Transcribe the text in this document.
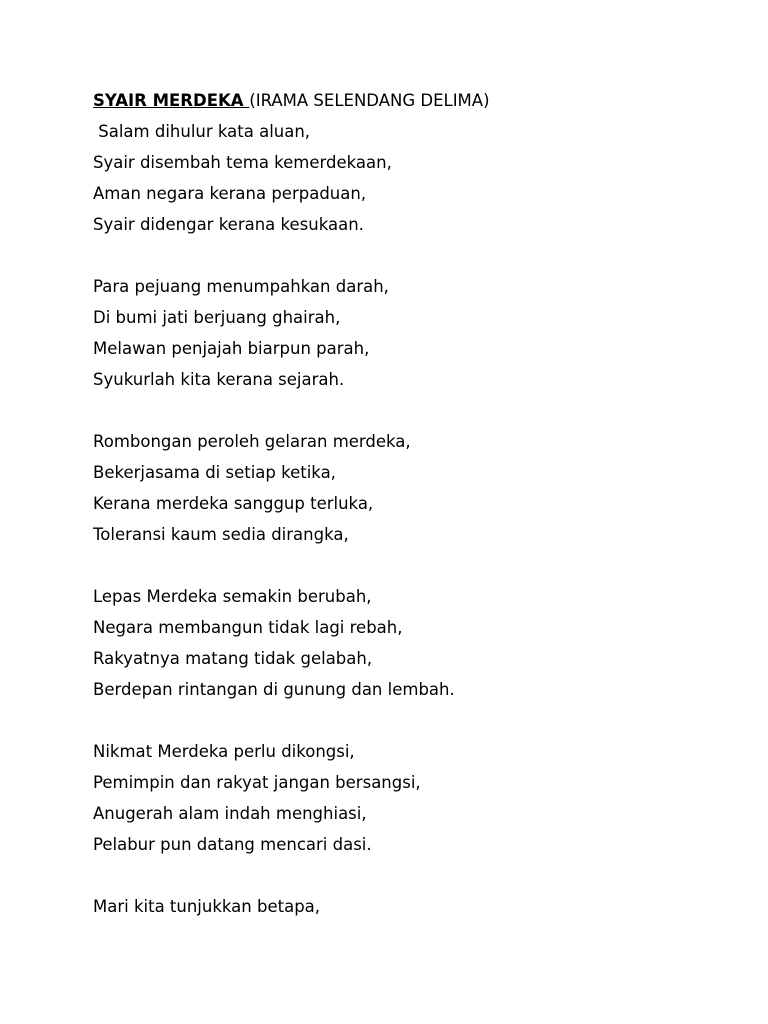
SYAIR MERDEKA (IRAMA SELENDANG DELIMA)

Salam dihulur kata aluan,
Syair disembah tema kemerdekaan,
Aman negara kerana perpaduan,
Syair didengar kerana kesukaan.
Para pejuang menumpahkan darah,
Di bumi jati berjuang ghairah,
Melawan penjajah biarpun parah,
Syukurlah kita kerana sejarah.
Rombongan peroleh gelaran merdeka,
Bekerjasama di setiap ketika,
Kerana merdeka sanggup terluka,
Toleransi kaum sedia dirangka,
Lepas Merdeka semakin berubah,
Negara membangun tidak lagi rebah,
Rakyatnya matang tidak gelabah,
Berdepan rintangan di gunung dan lembah.
Nikmat Merdeka perlu dikongsi,
Pemimpin dan rakyat jangan bersangsi,
Anugerah alam indah menghiasi,
Pelabur pun datang mencari dasi.
Mari kita tunjukkan betapa,
